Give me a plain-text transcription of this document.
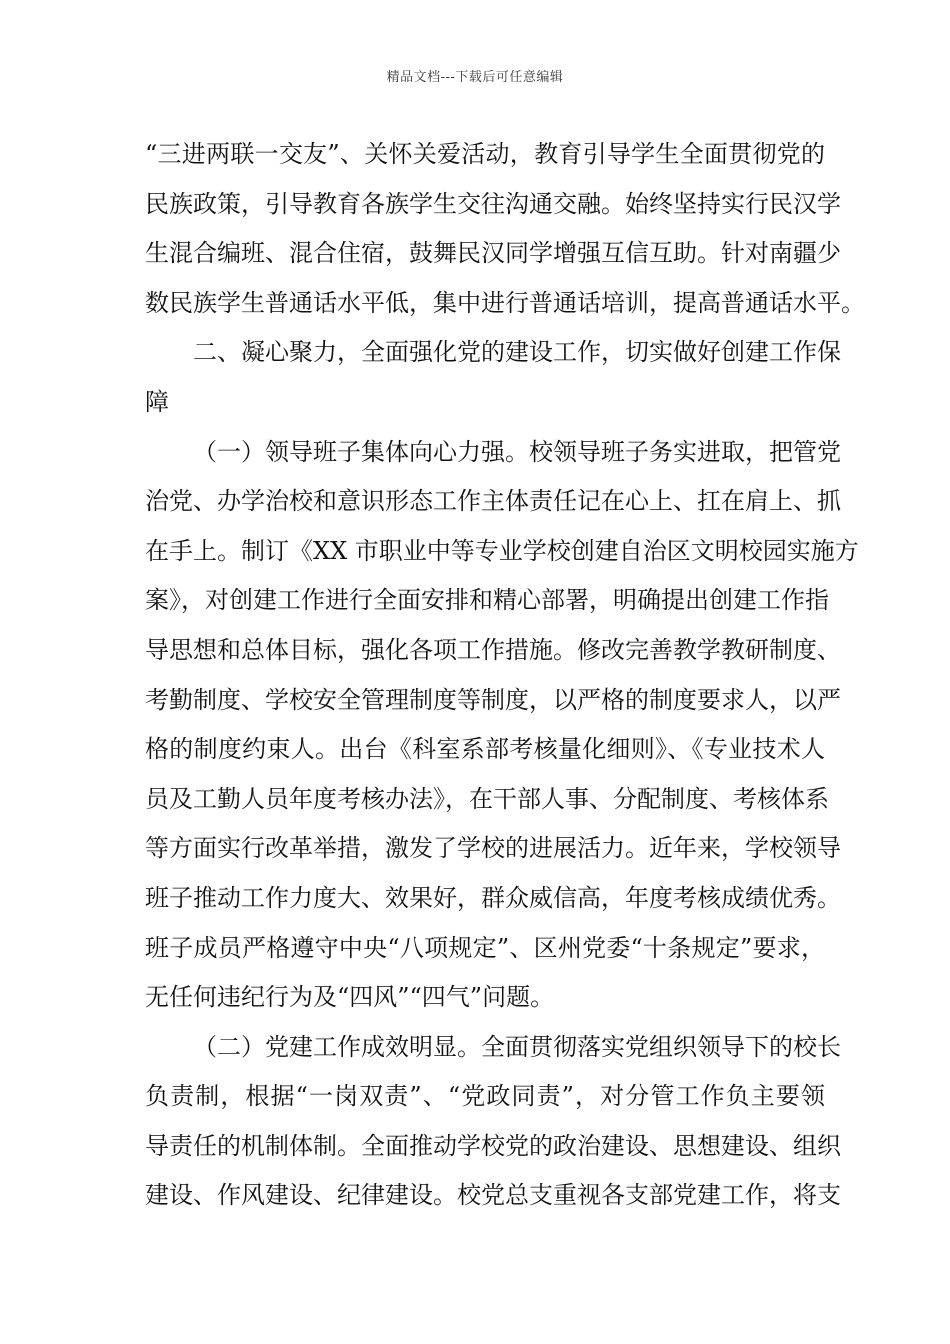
精品文档---下载后可任意编辑
“三进两联一交友”、关怀关爱活动，教育引导学生全面贯彻党的
民族政策，引导教育各族学生交往沟通交融。始终坚持实行民汉学
生混合编班、混合住宿，鼓舞民汉同学增强互信互助。针对南疆少
数民族学生普通话水平低，集中进行普通话培训，提高普通话水平。
二、凝心聚力，全面强化党的建设工作，切实做好创建工作保
障
（一）领导班子集体向心力强。校领导班子务实进取，把管党
治党、办学治校和意识形态工作主体责任记在心上、扛在肩上、抓
在手上。制订《XX 市职业中等专业学校创建自治区文明校园实施方
案》，对创建工作进行全面安排和精心部署，明确提出创建工作指
导思想和总体目标，强化各项工作措施。修改完善教学教研制度、
考勤制度、学校安全管理制度等制度，以严格的制度要求人，以严
格的制度约束人。出台《科室系部考核量化细则》、《专业技术人
员及工勤人员年度考核办法》，在干部人事、分配制度、考核体系
等方面实行改革举措，激发了学校的进展活力。近年来，学校领导
班子推动工作力度大、效果好，群众威信高，年度考核成绩优秀。
班子成员严格遵守中央“八项规定”、区州党委“十条规定”要求，
无任何违纪行为及“四风”“四气”问题。
（二）党建工作成效明显。全面贯彻落实党组织领导下的校长
负责制，根据“一岗双责”、“党政同责”，对分管工作负主要领
导责任的机制体制。全面推动学校党的政治建设、思想建设、组织
建设、作风建设、纪律建设。校党总支重视各支部党建工作，将支
